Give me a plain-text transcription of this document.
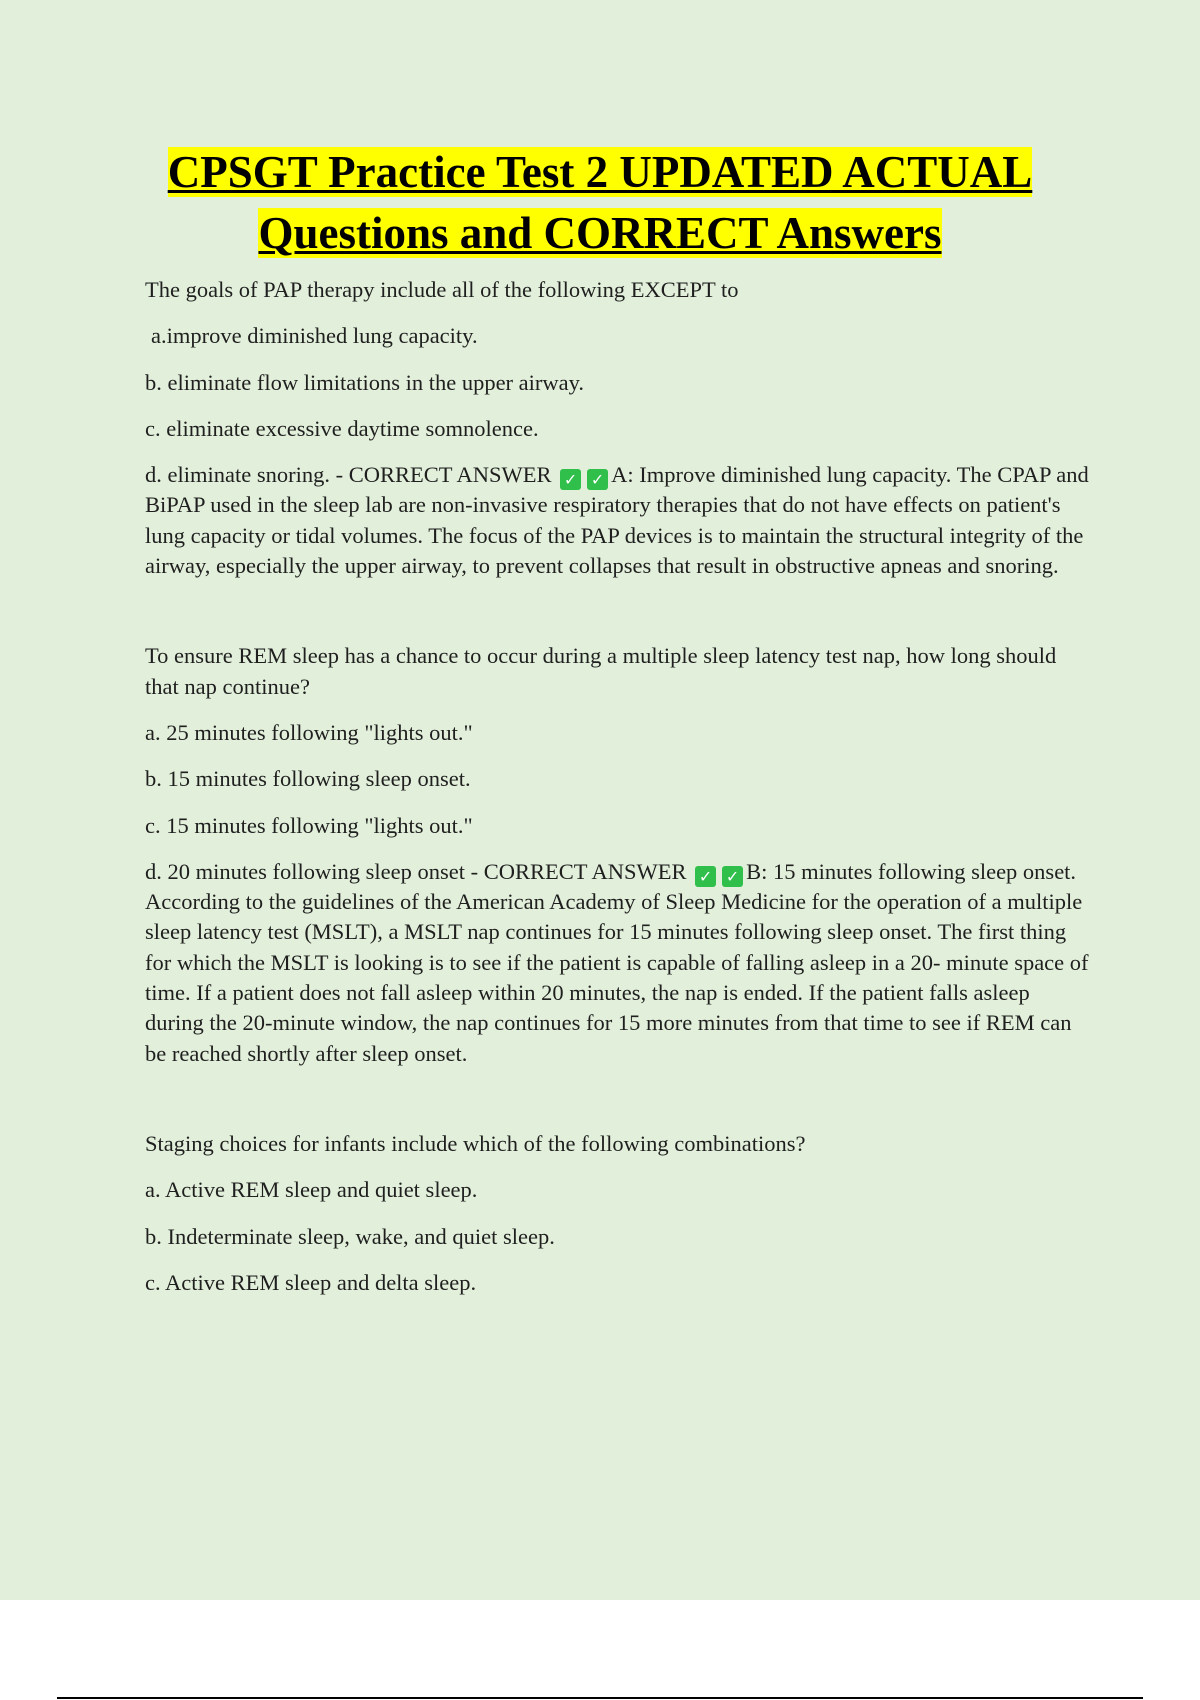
CPSGT Practice Test 2 UPDATED ACTUAL
Questions and CORRECT Answers

The goals of PAP therapy include all of the following EXCEPT to

a.improve diminished lung capacity.

b. eliminate flow limitations in the upper airway.

c. eliminate excessive daytime somnolence.

d. eliminate snoring. - CORRECT ANSWER ✓ ✓ A: Improve diminished lung capacity. The CPAP and BiPAP used in the sleep lab are non-invasive respiratory therapies that do not have effects on patient's lung capacity or tidal volumes. The focus of the PAP devices is to maintain the structural integrity of the airway, especially the upper airway, to prevent collapses that result in obstructive apneas and snoring.

To ensure REM sleep has a chance to occur during a multiple sleep latency test nap, how long should that nap continue?

a. 25 minutes following "lights out."

b. 15 minutes following sleep onset.

c. 15 minutes following "lights out."

d. 20 minutes following sleep onset - CORRECT ANSWER ✓ ✓ B: 15 minutes following sleep onset. According to the guidelines of the American Academy of Sleep Medicine for the operation of a multiple sleep latency test (MSLT), a MSLT nap continues for 15 minutes following sleep onset. The first thing for which the MSLT is looking is to see if the patient is capable of falling asleep in a 20- minute space of time. If a patient does not fall asleep within 20 minutes, the nap is ended. If the patient falls asleep during the 20-minute window, the nap continues for 15 more minutes from that time to see if REM can be reached shortly after sleep onset.

Staging choices for infants include which of the following combinations?

a. Active REM sleep and quiet sleep.

b. Indeterminate sleep, wake, and quiet sleep.

c. Active REM sleep and delta sleep.
